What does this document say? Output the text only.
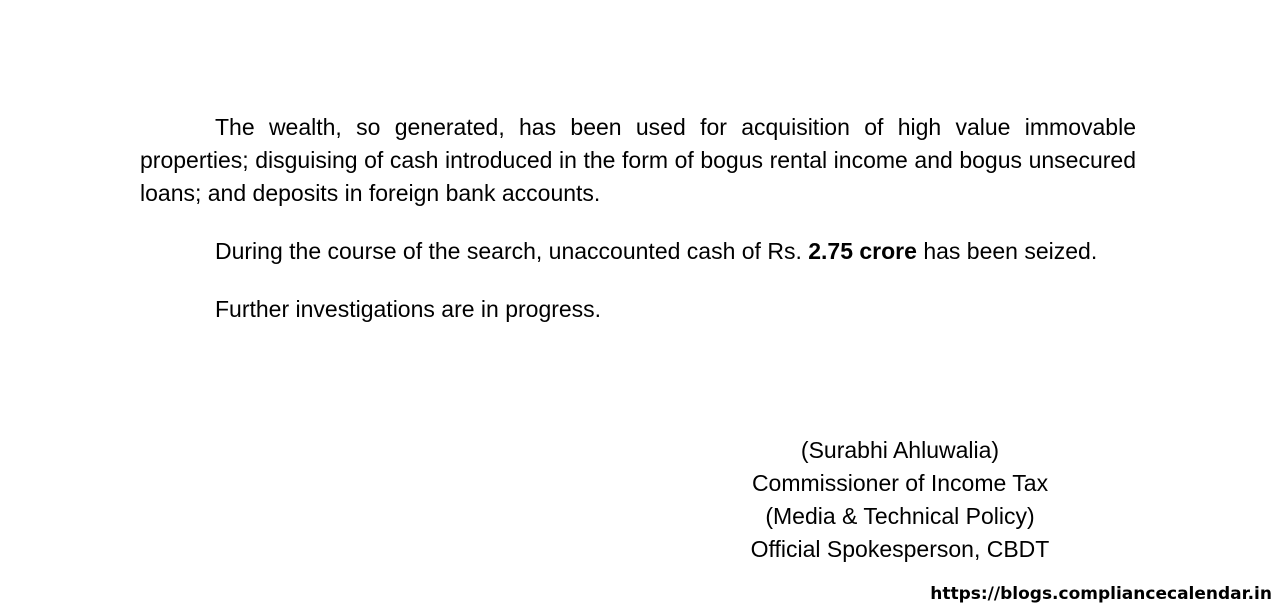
The wealth, so generated, has been used for acquisition of high value immovable properties; disguising of cash introduced in the form of bogus rental income and bogus unsecured loans; and deposits in foreign bank accounts.

During the course of the search, unaccounted cash of Rs. 2.75 crore has been seized.

Further investigations are in progress.

(Surabhi Ahluwalia)
Commissioner of Income Tax
(Media & Technical Policy)
Official Spokesperson, CBDT
https://blogs.compliancecalendar.in
